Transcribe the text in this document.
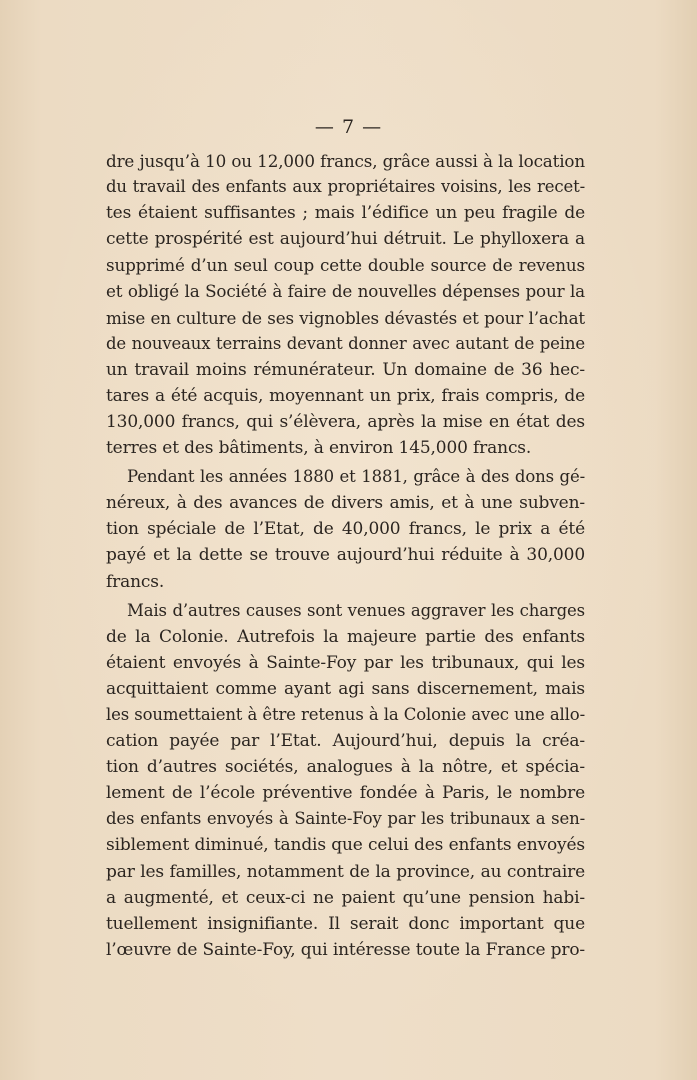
— 7 —
dre jusqu’à 10 ou 12,000 francs, grâce aussi à la location
du travail des enfants aux propriétaires voisins, les recet-
tes étaient suffisantes ; mais l’édifice un peu fragile de
cette prospérité est aujourd’hui détruit. Le phylloxera a
supprimé d’un seul coup cette double source de revenus
et obligé la Société à faire de nouvelles dépenses pour la
mise en culture de ses vignobles dévastés et pour l’achat
de nouveaux terrains devant donner avec autant de peine
un travail moins rémunérateur. Un domaine de 36 hec-
tares a été acquis, moyennant un prix, frais compris, de
130,000 francs, qui s’élèvera, après la mise en état des
terres et des bâtiments, à environ 145,000 francs.
Pendant les années 1880 et 1881, grâce à des dons gé-
néreux, à des avances de divers amis, et à une subven-
tion spéciale de l’Etat, de 40,000 francs, le prix a été
payé et la dette se trouve aujourd’hui réduite à 30,000
francs.
Mais d’autres causes sont venues aggraver les charges
de la Colonie. Autrefois la majeure partie des enfants
étaient envoyés à Sainte-Foy par les tribunaux, qui les
acquittaient comme ayant agi sans discernement, mais
les soumettaient à être retenus à la Colonie avec une allo-
cation payée par l’Etat. Aujourd’hui, depuis la créa-
tion d’autres sociétés, analogues à la nôtre, et spécia-
lement de l’école préventive fondée à Paris, le nombre
des enfants envoyés à Sainte-Foy par les tribunaux a sen-
siblement diminué, tandis que celui des enfants envoyés
par les familles, notamment de la province, au contraire
a augmenté, et ceux-ci ne paient qu’une pension habi-
tuellement insignifiante. Il serait donc important que
l’œuvre de Sainte-Foy, qui intéresse toute la France pro-
